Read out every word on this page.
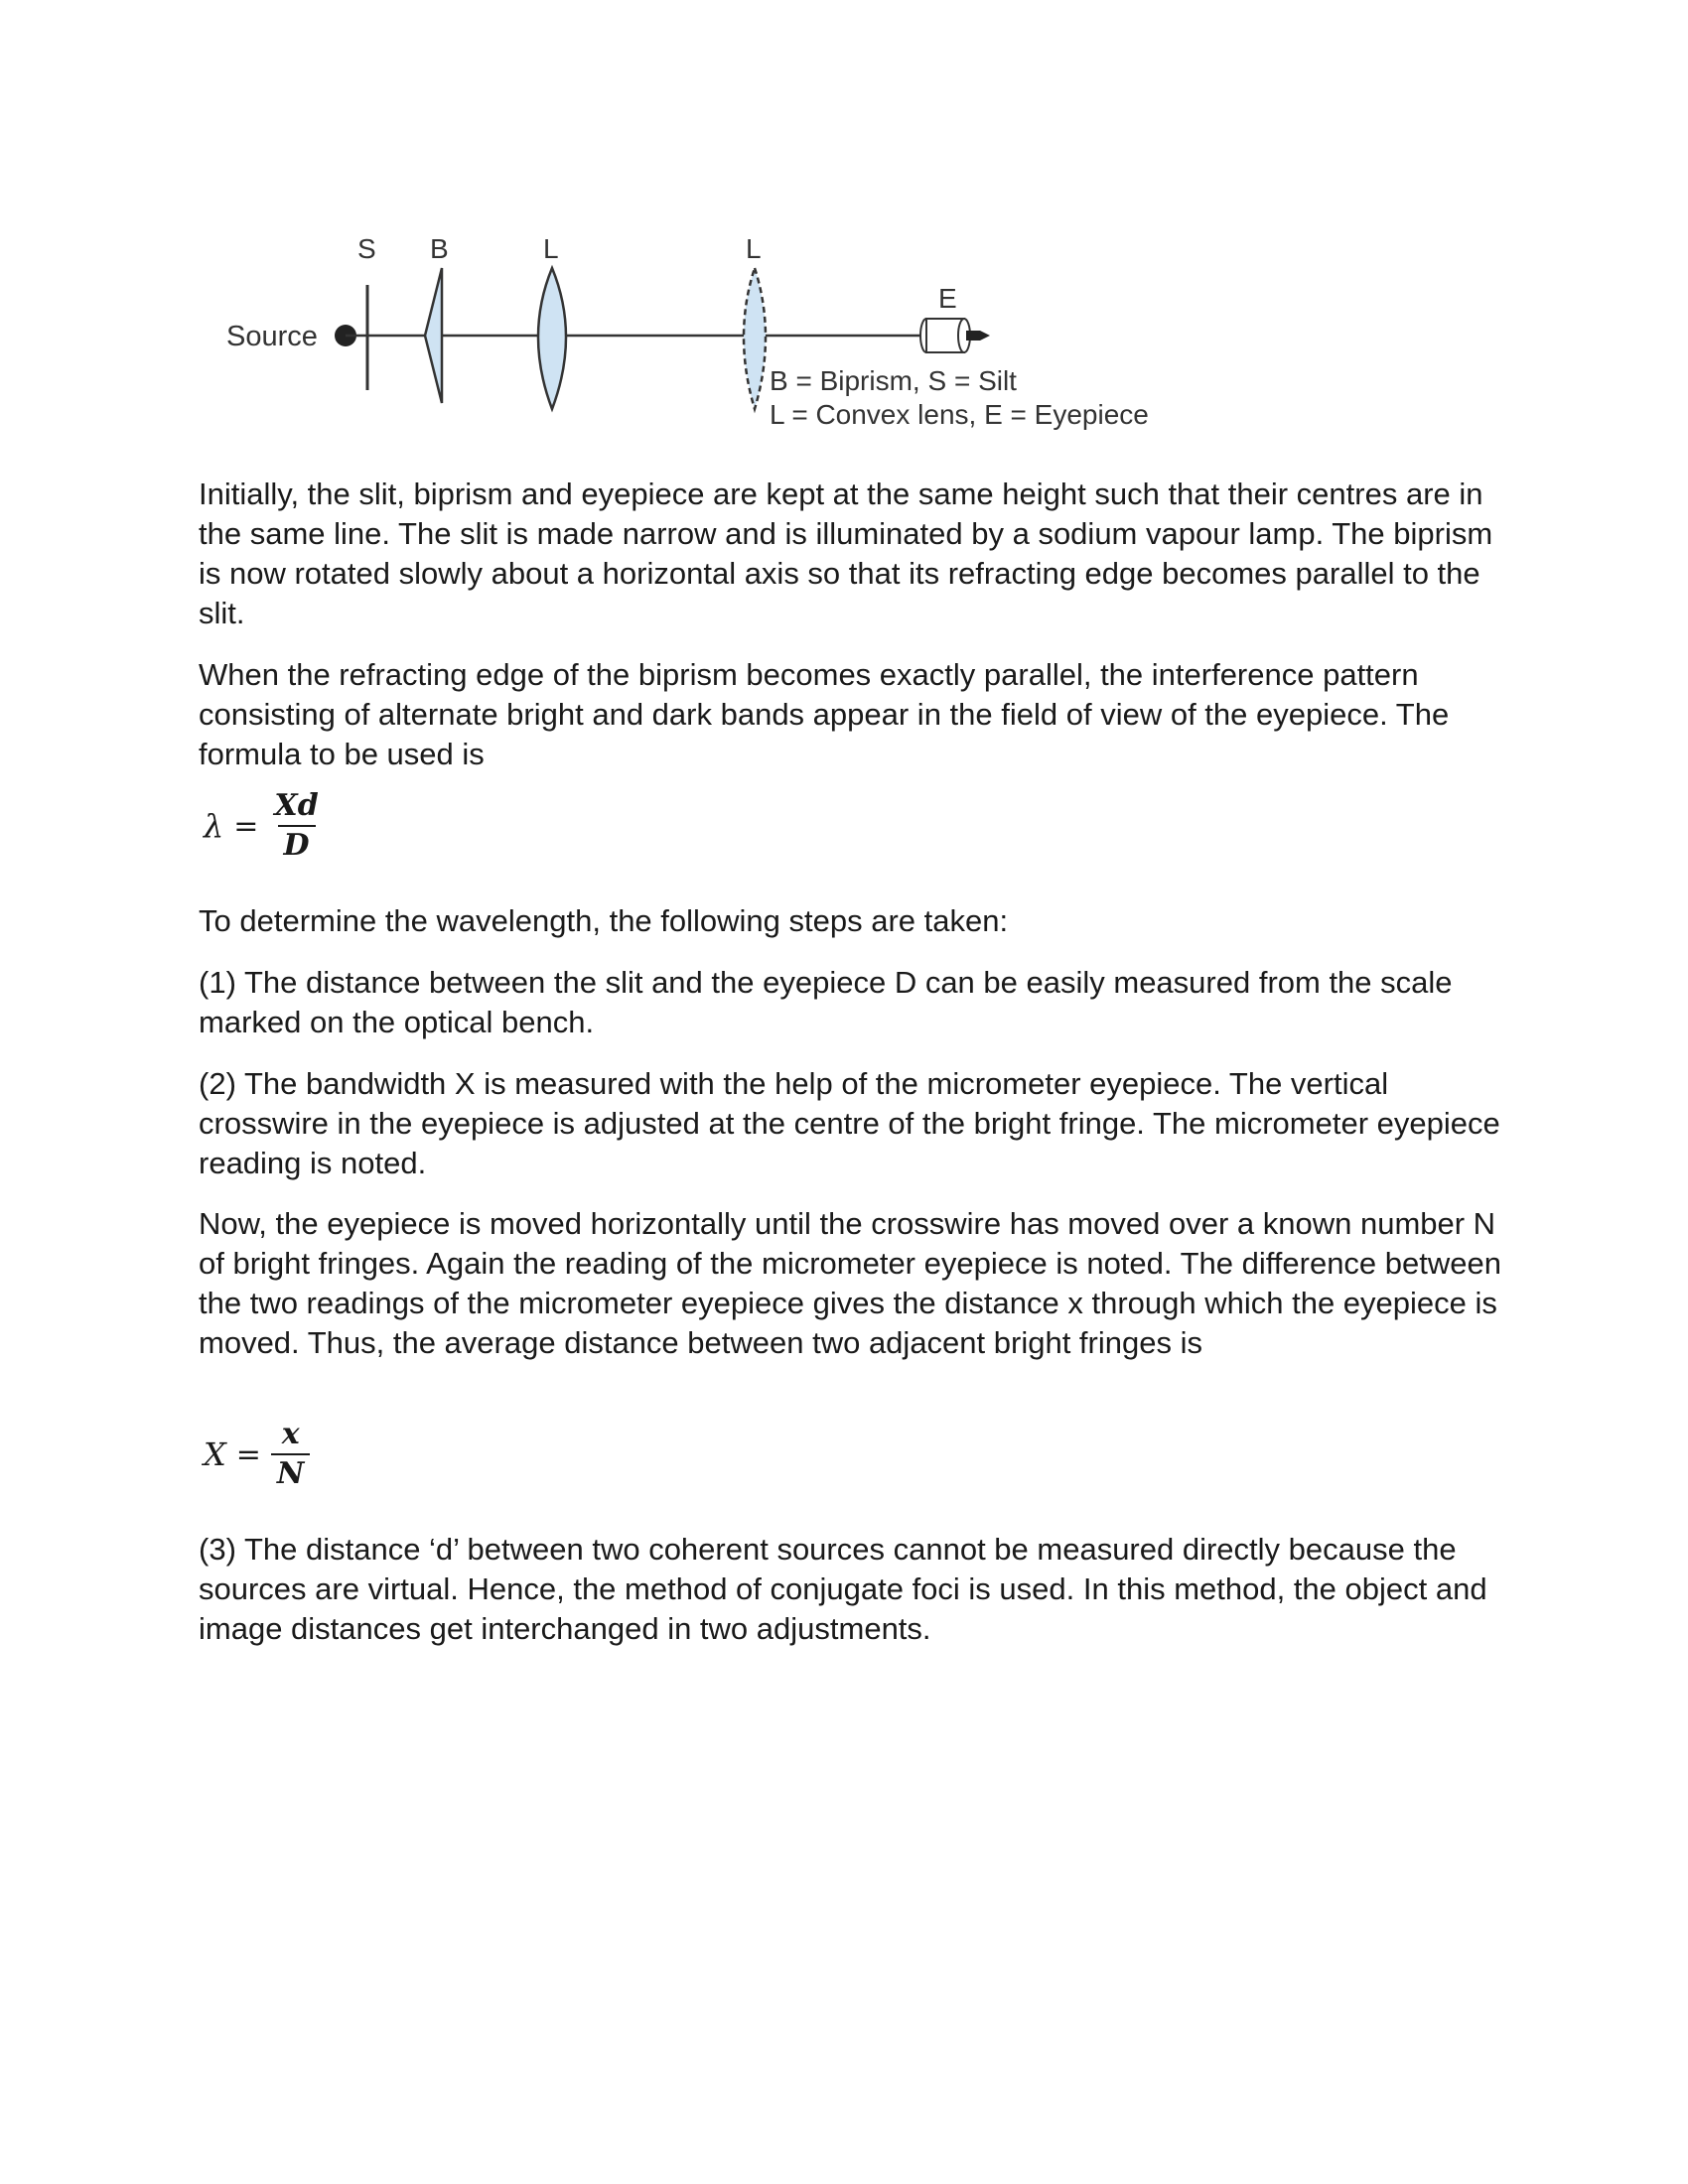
Source
S B	L	L
E
B = Biprism, S = Silt
L = Convex lens, E = Eyepiece

Initially, the slit, biprism and eyepiece are kept at the same height such that their centres are in the same line. The slit is made narrow and is illuminated by a sodium vapour lamp. The biprism is now rotated slowly about a horizontal axis so that its refracting edge becomes parallel to the slit.

When the refracting edge of the biprism becomes exactly parallel, the interference pattern consisting of alternate bright and dark bands appear in the field of view of the eyepiece. The formula to be used is

$\lambda = \frac{Xd}{D}$

To determine the wavelength, the following steps are taken:

(1) The distance between the slit and the eyepiece D can be easily measured from the scale marked on the optical bench.

(2) The bandwidth X is measured with the help of the micrometer eyepiece. The vertical crosswire in the eyepiece is adjusted at the centre of the bright fringe. The micrometer eyepiece reading is noted.

Now, the eyepiece is moved horizontally until the crosswire has moved over a known number N of bright fringes. Again the reading of the micrometer eyepiece is noted. The difference between the two readings of the micrometer eyepiece gives the distance x through which the eyepiece is moved. Thus, the average distance between two adjacent bright fringes is

$X = \frac{x}{N}$

(3) The distance ‘d’ between two coherent sources cannot be measured directly because the sources are virtual. Hence, the method of conjugate foci is used. In this method, the object and image distances get interchanged in two adjustments.
